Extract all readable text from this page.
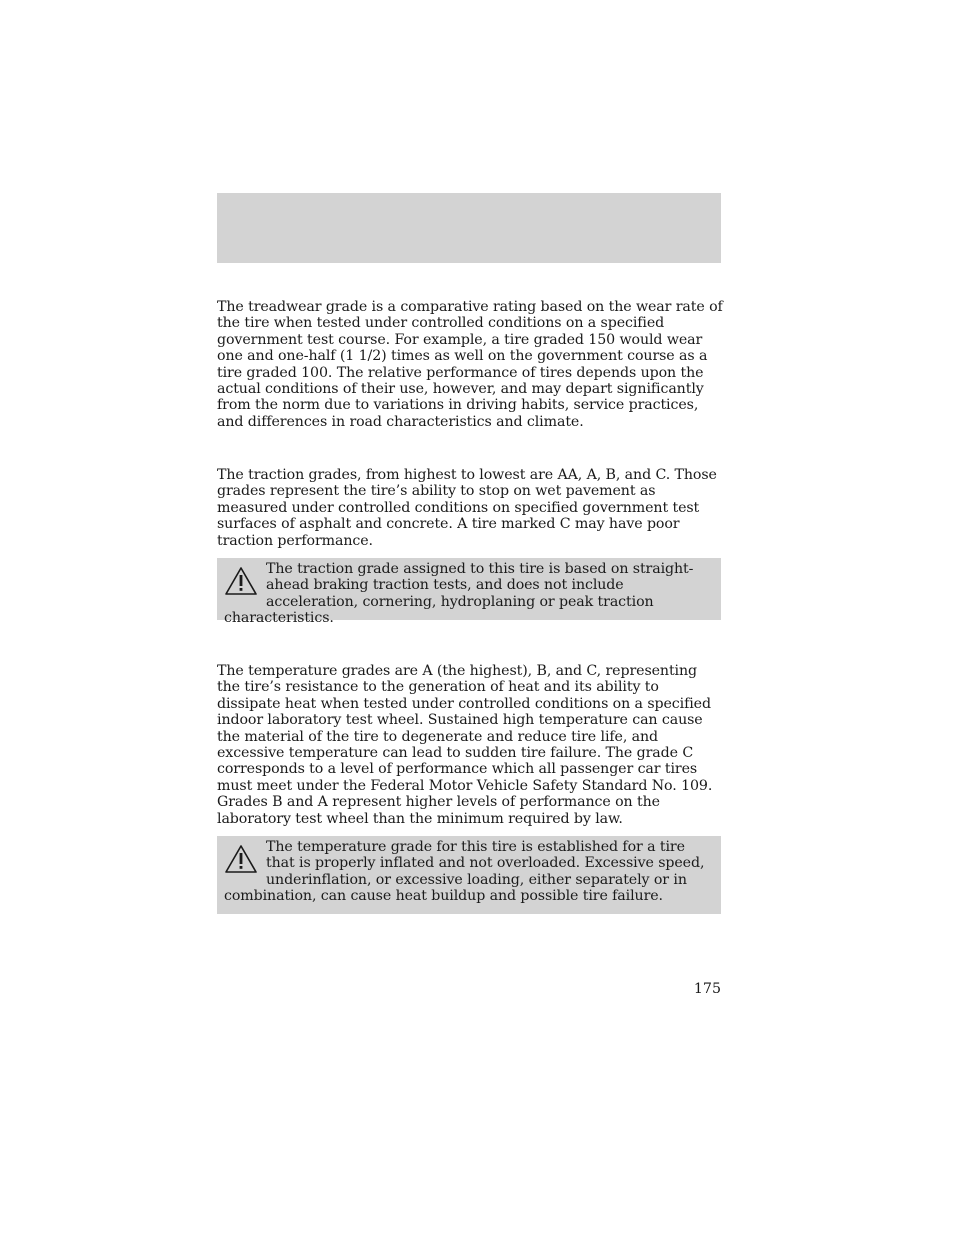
The treadwear grade is a comparative rating based on the wear rate of the tire when tested under controlled conditions on a specified government test course. For example, a tire graded 150 would wear one and one-half (1 1/2) times as well on the government course as a tire graded 100. The relative performance of tires depends upon the actual conditions of their use, however, and may depart significantly from the norm due to variations in driving habits, service practices, and differences in road characteristics and climate.

The traction grades, from highest to lowest are AA, A, B, and C. Those grades represent the tire’s ability to stop on wet pavement as measured under controlled conditions on specified government test surfaces of asphalt and concrete. A tire marked C may have poor traction performance.

The traction grade assigned to this tire is based on straight-ahead braking traction tests, and does not include acceleration, cornering, hydroplaning or peak traction characteristics.

The temperature grades are A (the highest), B, and C, representing the tire’s resistance to the generation of heat and its ability to dissipate heat when tested under controlled conditions on a specified indoor laboratory test wheel. Sustained high temperature can cause the material of the tire to degenerate and reduce tire life, and excessive temperature can lead to sudden tire failure. The grade C corresponds to a level of performance which all passenger car tires must meet under the Federal Motor Vehicle Safety Standard No. 109. Grades B and A represent higher levels of performance on the laboratory test wheel than the minimum required by law.

The temperature grade for this tire is established for a tire that is properly inflated and not overloaded. Excessive speed, underinflation, or excessive loading, either separately or in combination, can cause heat buildup and possible tire failure.

175
